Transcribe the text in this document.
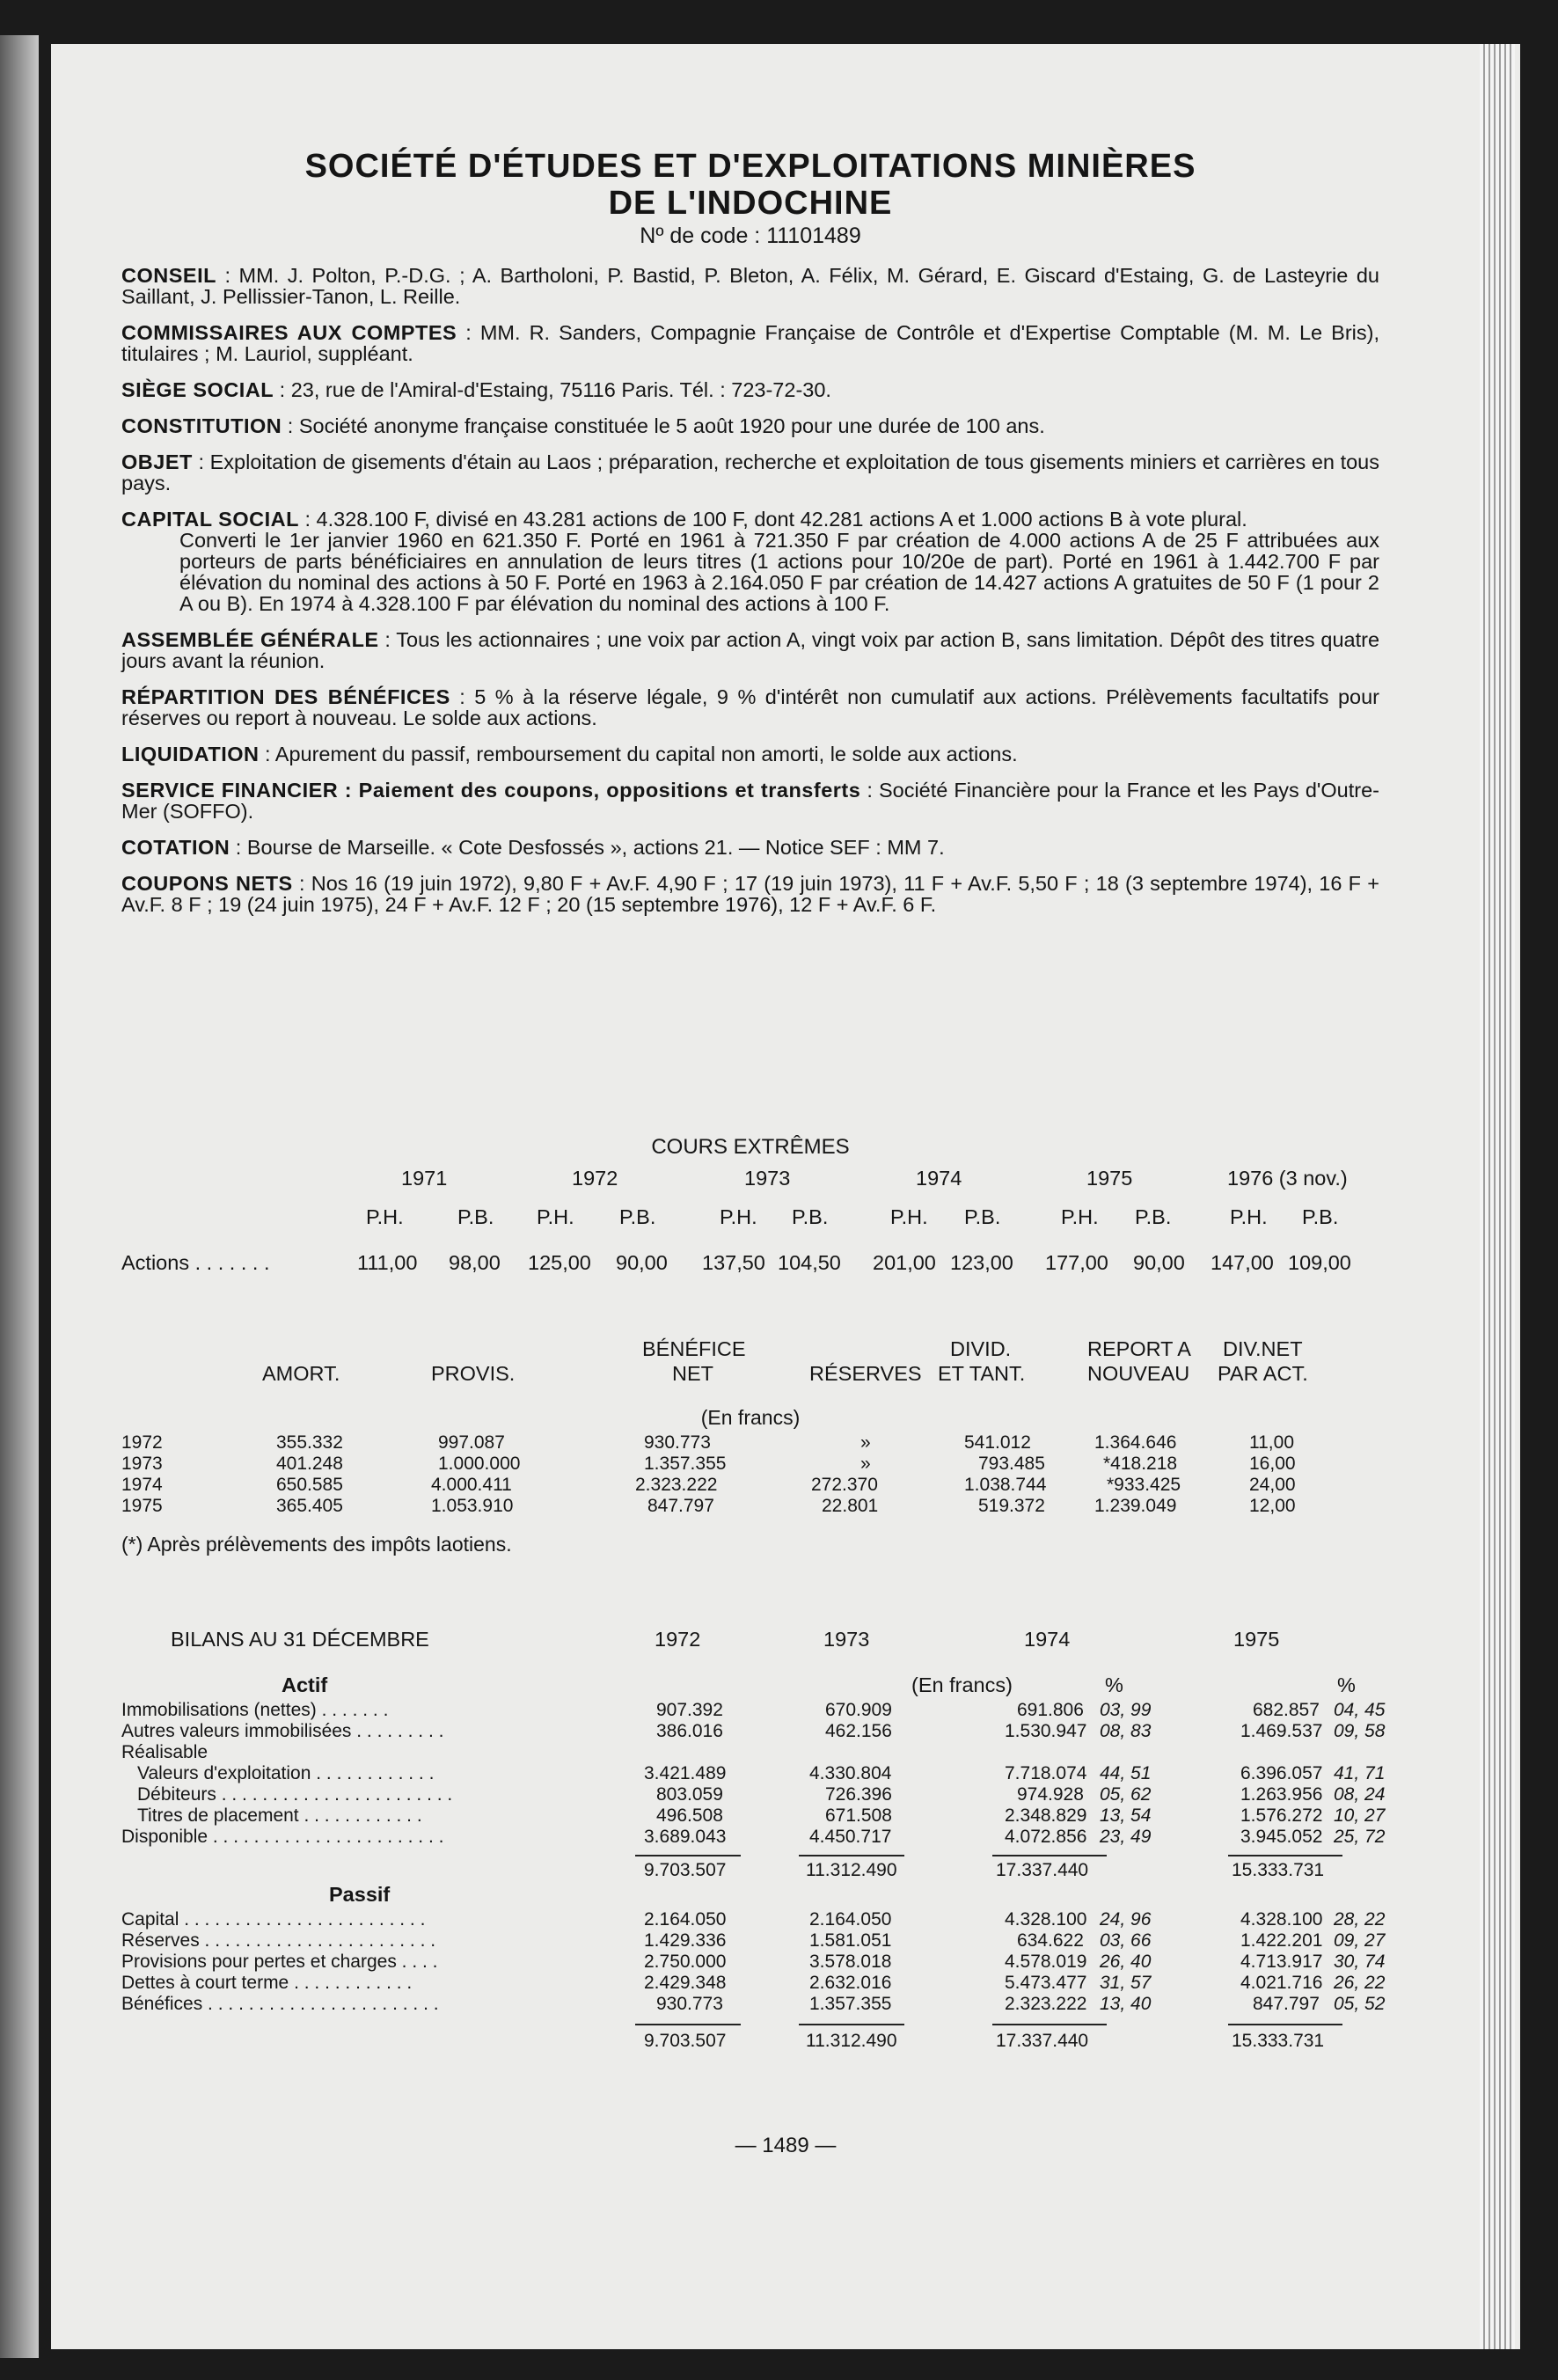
SOCIÉTÉ D'ÉTUDES ET D'EXPLOITATIONS MINIÈRES
DE L'INDOCHINE
Nº de code : 11101489
CONSEIL : MM. J. Polton, P.-D.G. ; A. Bartholoni, P. Bastid, P. Bleton, A. Félix, M. Gérard, E. Giscard d'Estaing, G. de Lasteyrie du Saillant, J. Pellissier-Tanon, L. Reille.
COMMISSAIRES AUX COMPTES : MM. R. Sanders, Compagnie Française de Contrôle et d'Expertise Comptable (M. M. Le Bris), titulaires ; M. Lauriol, suppléant.
SIÈGE SOCIAL : 23, rue de l'Amiral-d'Estaing, 75116 Paris. Tél. : 723-72-30.
CONSTITUTION : Société anonyme française constituée le 5 août 1920 pour une durée de 100 ans.
OBJET : Exploitation de gisements d'étain au Laos ; préparation, recherche et exploitation de tous gisements miniers et carrières en tous pays.
CAPITAL SOCIAL : 4.328.100 F, divisé en 43.281 actions de 100 F, dont 42.281 actions A et 1.000 actions B à vote plural.
Converti le 1er janvier 1960 en 621.350 F. Porté en 1961 à 721.350 F par création de 4.000 actions A de 25 F attribuées aux porteurs de parts bénéficiaires en annulation de leurs titres (1 actions pour 10/20e de part). Porté en 1961 à 1.442.700 F par élévation du nominal des actions à 50 F. Porté en 1963 à 2.164.050 F par création de 14.427 actions A gratuites de 50 F (1 pour 2 A ou B). En 1974 à 4.328.100 F par élévation du nominal des actions à 100 F.
ASSEMBLÉE GÉNÉRALE : Tous les actionnaires ; une voix par action A, vingt voix par action B, sans limitation. Dépôt des titres quatre jours avant la réunion.
RÉPARTITION DES BÉNÉFICES : 5 % à la réserve légale, 9 % d'intérêt non cumulatif aux actions. Prélèvements facultatifs pour réserves ou report à nouveau. Le solde aux actions.
LIQUIDATION : Apurement du passif, remboursement du capital non amorti, le solde aux actions.
SERVICE FINANCIER : Paiement des coupons, oppositions et transferts : Société Financière pour la France et les Pays d'Outre-Mer (SOFFO).
COTATION : Bourse de Marseille. « Cote Desfossés », actions 21. — Notice SEF : MM 7.
COUPONS NETS : Nos 16 (19 juin 1972), 9,80 F + Av.F. 4,90 F ; 17 (19 juin 1973), 11 F + Av.F. 5,50 F ; 18 (3 septembre 1974), 16 F + Av.F. 8 F ; 19 (24 juin 1975), 24 F + Av.F. 12 F ; 20 (15 septembre 1976), 12 F + Av.F. 6 F.
COURS EXTRÊMES
1971	1972	1973	1974	1975	1976 (3 nov.)
P.H.	P.B. P.H. P.B.	P.H. P.B.	P.H. P.B.	P.H. P.B.	P.H. P.B.
Actions . . . . . . .	111,00 98,00 125,00 90,00 137,50 104,50 201,00 123,00 177,00 90,00 147,00 109,00
BÉNÉFICE	DIVID.	REPORT A DIV.NET
AMORT.	PROVIS.	NET	RÉSERVES ET TANT.	NOUVEAU PAR ACT.
(En francs)
1972	355.332	997.087	930.773	»	541.012	1.364.646	11,00
1973	401.248	1.000.000	1.357.355	»	793.485	*418.218	16,00
1974	650.585	4.000.411	2.323.222	272.370	1.038.744	*933.425	24,00
1975	365.405	1.053.910	847.797	22.801	519.372	1.239.049	12,00
(*) Après prélèvements des impôts laotiens.
BILANS AU 31 DÉCEMBRE	1972	1973	1974	1975
Actif	(En francs)	%	%
Immobilisations (nettes) . . . . . . .	907.392	670.909	691.806 03, 99	682.857 04, 45
Autres valeurs immobilisées . . . . . . . . .	386.016	462.156	1.530.947 08, 83	1.469.537 09, 58
Réalisable
Valeurs d'exploitation . . . . . . . . . . . .	3.421.489	4.330.804	7.718.074 44, 51	6.396.057 41, 71
Débiteurs . . . . . . . . . . . . . . . . . . . . . . .	803.059	726.396	974.928 05, 62	1.263.956 08, 24
Titres de placement . . . . . . . . . . . .	496.508	671.508	2.348.829 13, 54	1.576.272 10, 27
Disponible . . . . . . . . . . . . . . . . . . . . . . .	3.689.043	4.450.717	4.072.856 23, 49	3.945.052 25, 72
9.703.507	11.312.490	17.337.440	15.333.731
Passif
Capital . . . . . . . . . . . . . . . . . . . . . . . .	2.164.050	2.164.050	4.328.100 24, 96	4.328.100 28, 22
Réserves . . . . . . . . . . . . . . . . . . . . . . .	1.429.336	1.581.051	634.622 03, 66	1.422.201 09, 27
Provisions pour pertes et charges . . . .	2.750.000	3.578.018	4.578.019 26, 40	4.713.917 30, 74
Dettes à court terme . . . . . . . . . . . .	2.429.348	2.632.016	5.473.477 31, 57	4.021.716 26, 22
Bénéfices . . . . . . . . . . . . . . . . . . . . . . .	930.773	1.357.355	2.323.222 13, 40	847.797 05, 52
9.703.507	11.312.490	17.337.440	15.333.731
— 1489 —
